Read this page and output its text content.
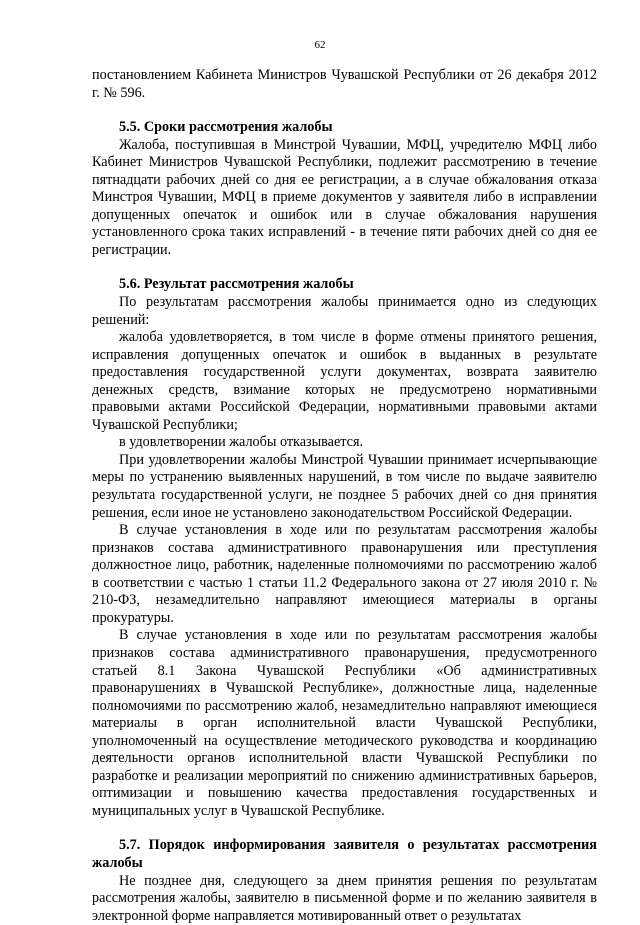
62

постановлением Кабинета Министров Чувашской Республики от 26 декабря 2012 г. № 596.

5.5. Сроки рассмотрения жалобы

Жалоба, поступившая в Минстрой Чувашии, МФЦ, учредителю МФЦ либо Кабинет Министров Чувашской Республики, подлежит рассмотрению в течение пятнадцати рабочих дней со дня ее регистрации, а в случае обжалования отказа Минстроя Чувашии, МФЦ в приеме документов у заявителя либо в исправлении допущенных опечаток и ошибок или в случае обжалования нарушения установленного срока таких исправлений - в течение пяти рабочих дней со дня ее регистрации.

5.6. Результат рассмотрения жалобы

По результатам рассмотрения жалобы принимается одно из следующих решений:

жалоба удовлетворяется, в том числе в форме отмены принятого решения, исправления допущенных опечаток и ошибок в выданных в результате предоставления государственной услуги документах, возврата заявителю денежных средств, взимание которых не предусмотрено нормативными правовыми актами Российской Федерации, нормативными правовыми актами Чувашской Республики;

в удовлетворении жалобы отказывается.

При удовлетворении жалобы Минстрой Чувашии принимает исчерпывающие меры по устранению выявленных нарушений, в том числе по выдаче заявителю результата государственной услуги, не позднее 5 рабочих дней со дня принятия решения, если иное не установлено законодательством Российской Федерации.

В случае установления в ходе или по результатам рассмотрения жалобы признаков состава административного правонарушения или преступления должностное лицо, работник, наделенные полномочиями по рассмотрению жалоб в соответствии с частью 1 статьи 11.2 Федерального закона от 27 июля 2010 г. № 210-ФЗ, незамедлительно направляют имеющиеся материалы в органы прокуратуры.

В случае установления в ходе или по результатам рассмотрения жалобы признаков состава административного правонарушения, предусмотренного статьей 8.1 Закона Чувашской Республики «Об административных правонарушениях в Чувашской Республике», должностные лица, наделенные полномочиями по рассмотрению жалоб, незамедлительно направляют имеющиеся материалы в орган исполнительной власти Чувашской Республики, уполномоченный на осуществление методического руководства и координацию деятельности органов исполнительной власти Чувашской Республики по разработке и реализации мероприятий по снижению административных барьеров, оптимизации и повышению качества предоставления государственных и муниципальных услуг в Чувашской Республике.

5.7. Порядок информирования заявителя о результатах рассмотрения жалобы

Не позднее дня, следующего за днем принятия решения по результатам рассмотрения жалобы, заявителю в письменной форме и по желанию заявителя в электронной форме направляется мотивированный ответ о результатах
